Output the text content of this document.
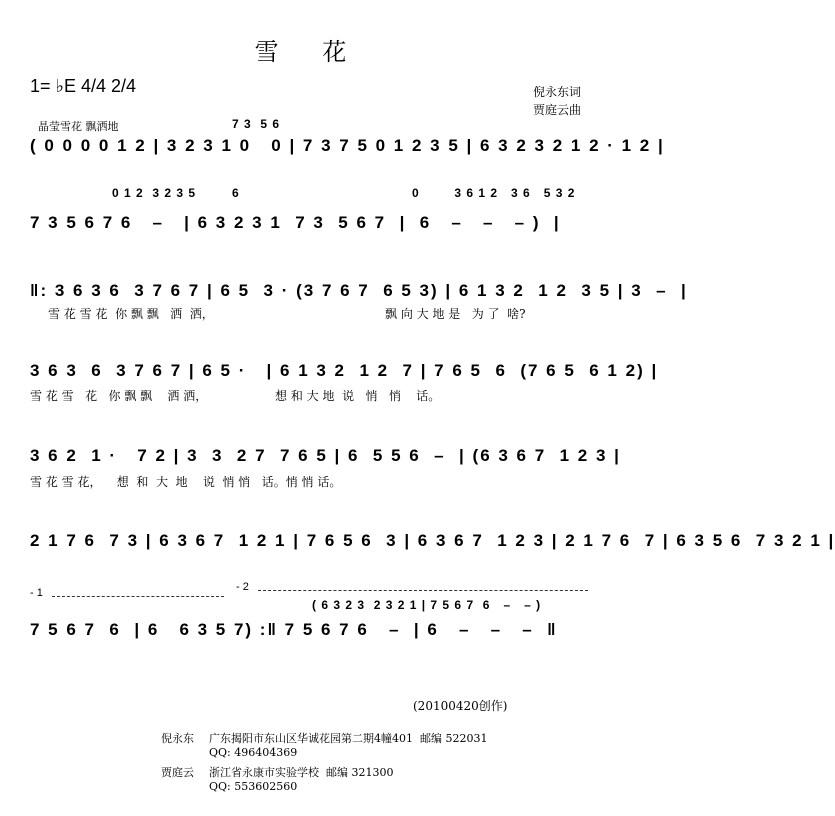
雪 花
1= ♭E 4/4 2/4	倪永东词
贾庭云曲
晶莹雪花 飘洒地	7 3  5 6
( 0 0 0 0 1 2 | 3 2 3 1 0   0 | 7 3 7 5 0 1 2 3 5 | 6 3 2 3 2 1 2 · 1 2 |
0 1 2  3 2 3 5	6	0        3 6 1 2   3 6   5 3 2
7 3 5 6 7 6   –   | 6 3 2 3 1  7 3  5 6 7  |  6   –   –   – )  |
‖: 3 6 3 6  3 7 6 7 | 6 5  3 · (3 7 6 7  6 5 3) | 6 1 3 2  1 2  3 5 | 3  –  |
雪 花 雪 花  你 飘 飘   洒  洒，	飘 向 大 地 是   为 了  啥?
3 6 3  6  3 7 6 7 | 6 5 ·   | 6 1 3 2  1 2  7 | 7 6 5  6  (7 6 5  6 1 2) |
雪 花 雪   花   你 飘 飘    洒 洒，	想 和 大 地  说   悄   悄    话。
3 6 2  1 ·   7 2 | 3  3  2 7  7 6 5 | 6  5 5 6  –  | (6 3 6 7  1 2 3 |
雪 花 雪 花，    想  和  大  地    说  悄 悄   话。悄 悄 话。
2 1 7 6  7 3 | 6 3 6 7  1 2 1 | 7 6 5 6  3 | 6 3 6 7  1 2 3 | 2 1 7 6  7 | 6 3 5 6  7 3 2 1 |
- 1	- 2
( 6 3 2 3  2 3 2 1 | 7 5 6 7  6   –   – )
7 5 6 7  6  | 6   6 3 5 7) :‖ 7 5 6 7 6   –  | 6   –   –   –  ‖
(20100420创作)
倪永东 广东揭阳市东山区华诚花园第二期4幢401  邮编 522031
QQ: 496404369
贾庭云 浙江省永康市实验学校  邮编 321300
QQ: 553602560
